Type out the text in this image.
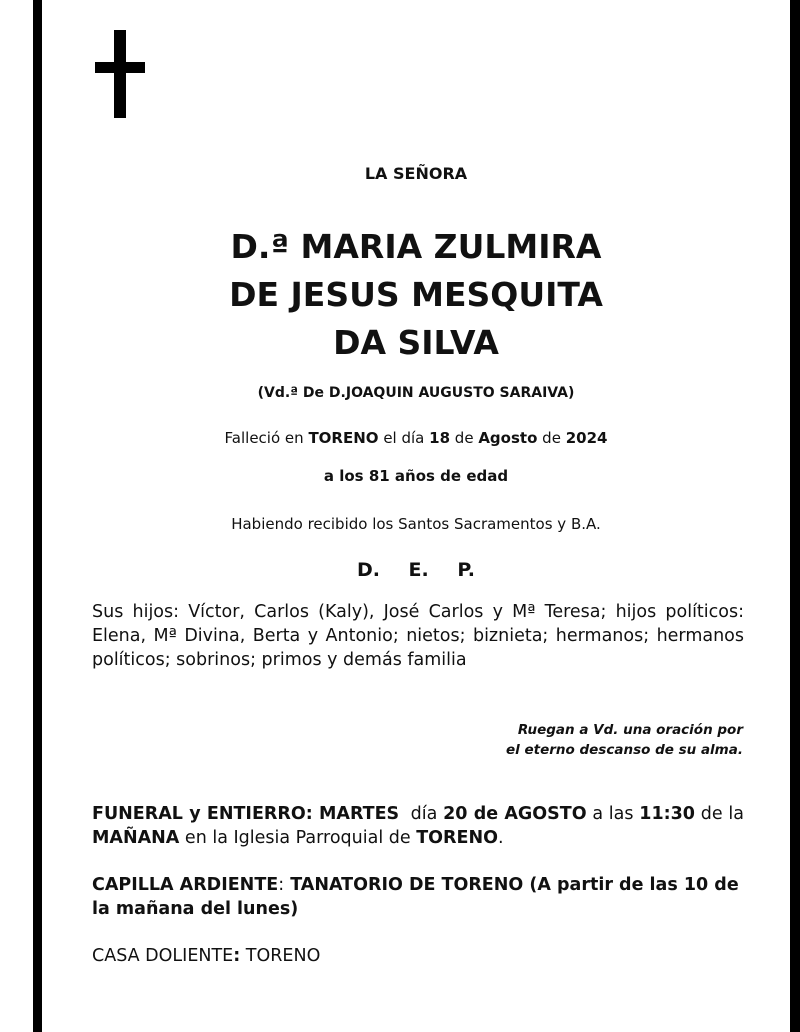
LA SEÑORA
D.ª MARIA ZULMIRA
DE JESUS MESQUITA
DA SILVA
(Vd.ª De D.JOAQUIN AUGUSTO SARAIVA)
Falleció en TORENO el día 18 de Agosto de 2024
a los 81 años de edad
Habiendo recibido los Santos Sacramentos y B.A.
D. E. P.
Sus hijos: Víctor, Carlos (Kaly), José Carlos y Mª Teresa; hijos políticos: Elena, Mª Divina, Berta y Antonio; nietos; biznieta; hermanos; hermanos políticos; sobrinos; primos y demás familia
Ruegan a Vd. una oración por
el eterno descanso de su alma.
FUNERAL y ENTIERRO: MARTES día 20 de AGOSTO a las 11:30 de la MAÑANA en la Iglesia Parroquial de TORENO.
CAPILLA ARDIENTE: TANATORIO DE TORENO (A partir de las 10 de la mañana del lunes)
CASA DOLIENTE: TORENO
